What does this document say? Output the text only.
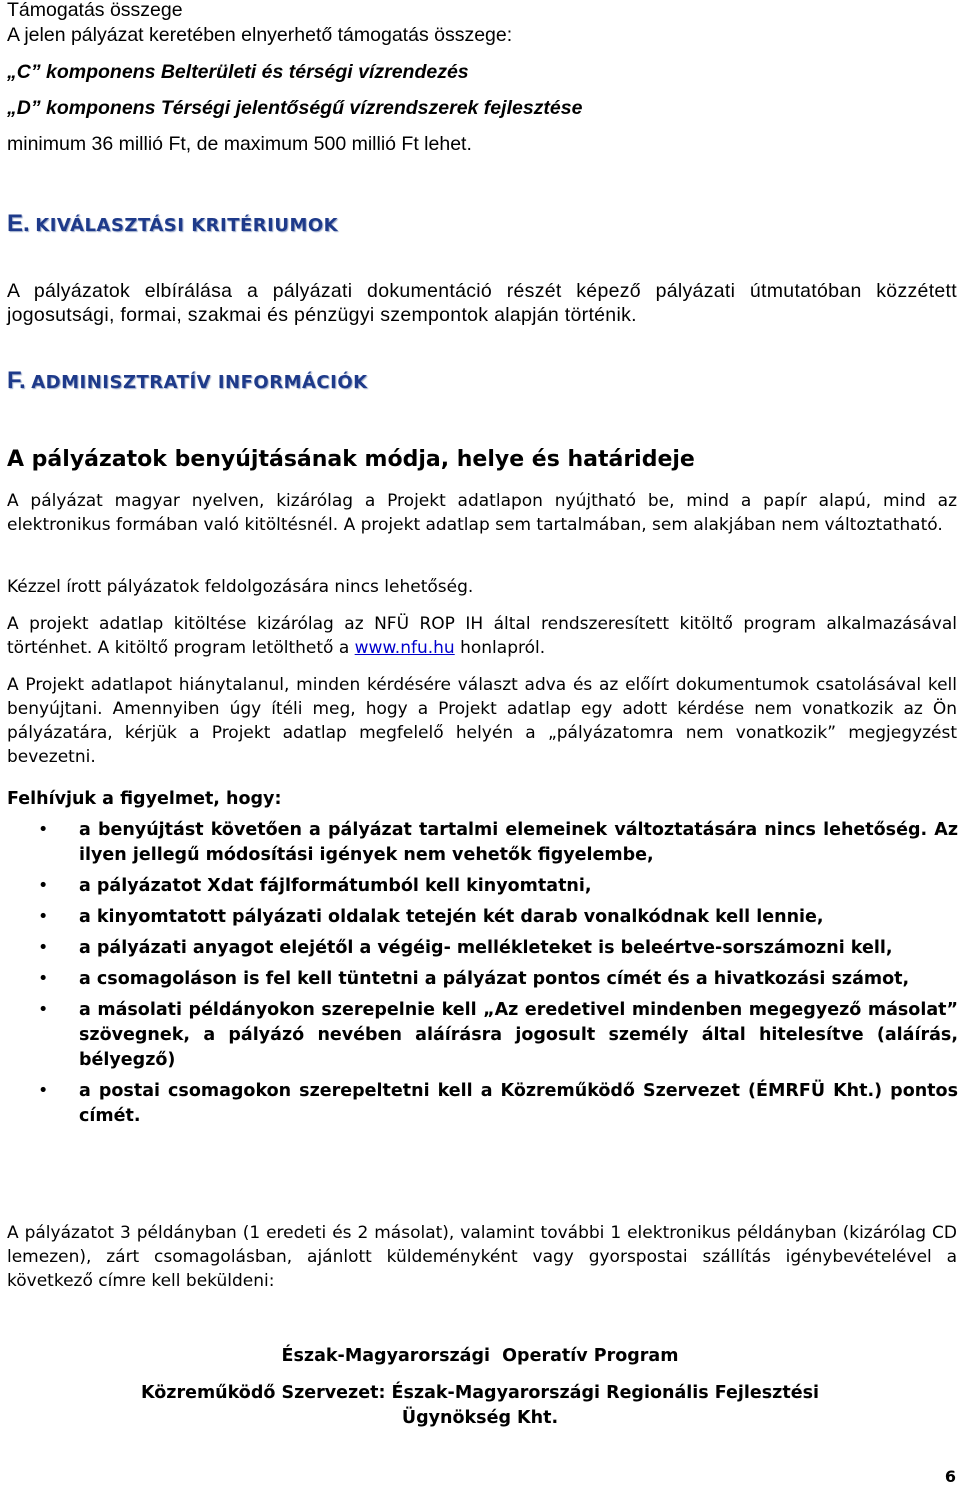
Támogatás összege

A jelen pályázat keretében elnyerhető támogatás összege:

„C” komponens Belterületi és térségi vízrendezés

„D” komponens Térségi jelentőségű vízrendszerek fejlesztése

minimum 36 millió Ft, de maximum 500 millió Ft lehet.

E. KIVÁLASZTÁSI KRITÉRIUMOK

A pályázatok elbírálása a pályázati dokumentáció részét képező pályázati útmutatóban közzétett jogosutsági, formai, szakmai és pénzügyi szempontok alapján történik.

F. ADMINISZTRATÍV INFORMÁCIÓK

A pályázatok benyújtásának módja, helye és határideje

A pályázat magyar nyelven, kizárólag a Projekt adatlapon nyújtható be, mind a papír alapú, mind az elektronikus formában való kitöltésnél. A projekt adatlap sem tartalmában, sem alakjában nem változtatható.

Kézzel írott pályázatok feldolgozására nincs lehetőség.

A projekt adatlap kitöltése kizárólag az NFÜ ROP IH által rendszeresített kitöltő program alkalmazásával történhet. A kitöltő program letölthető a www.nfu.hu honlapról.

A Projekt adatlapot hiánytalanul, minden kérdésére választ adva és az előírt dokumentumok csatolásával kell benyújtani. Amennyiben úgy ítéli meg, hogy a Projekt adatlap egy adott kérdése nem vonatkozik az Ön pályázatára, kérjük a Projekt adatlap megfelelő helyén a „pályázatomra nem vonatkozik” megjegyzést bevezetni.

Felhívjuk a figyelmet, hogy:

• a benyújtást követően a pályázat tartalmi elemeinek változtatására nincs lehetőség. Az ilyen jellegű módosítási igények nem vehetők figyelembe,
• a pályázatot Xdat fájlformátumból kell kinyomtatni,
• a kinyomtatott pályázati oldalak tetején két darab vonalkódnak kell lennie,
• a pályázati anyagot elejétől a végéig- mellékleteket is beleértve-sorszámozni kell,
• a csomagoláson is fel kell tüntetni a pályázat pontos címét és a hivatkozási számot,
• a másolati példányokon szerepelnie kell „Az eredetivel mindenben megegyező másolat” szövegnek, a pályázó nevében aláírásra jogosult személy által hitelesítve (aláírás, bélyegző)
• a postai csomagokon szerepeltetni kell a Közreműködő Szervezet (ÉMRFÜ Kht.) pontos címét.

A pályázatot 3 példányban (1 eredeti és 2 másolat), valamint további 1 elektronikus példányban (kizárólag CD lemezen), zárt csomagolásban, ajánlott küldeményként vagy gyorspostai szállítás igénybevételével a következő címre kell beküldeni:

Észak-Magyarországi  Operatív Program

Közreműködő Szervezet: Észak-Magyarországi Regionális Fejlesztési Ügynökség Kht.

6
